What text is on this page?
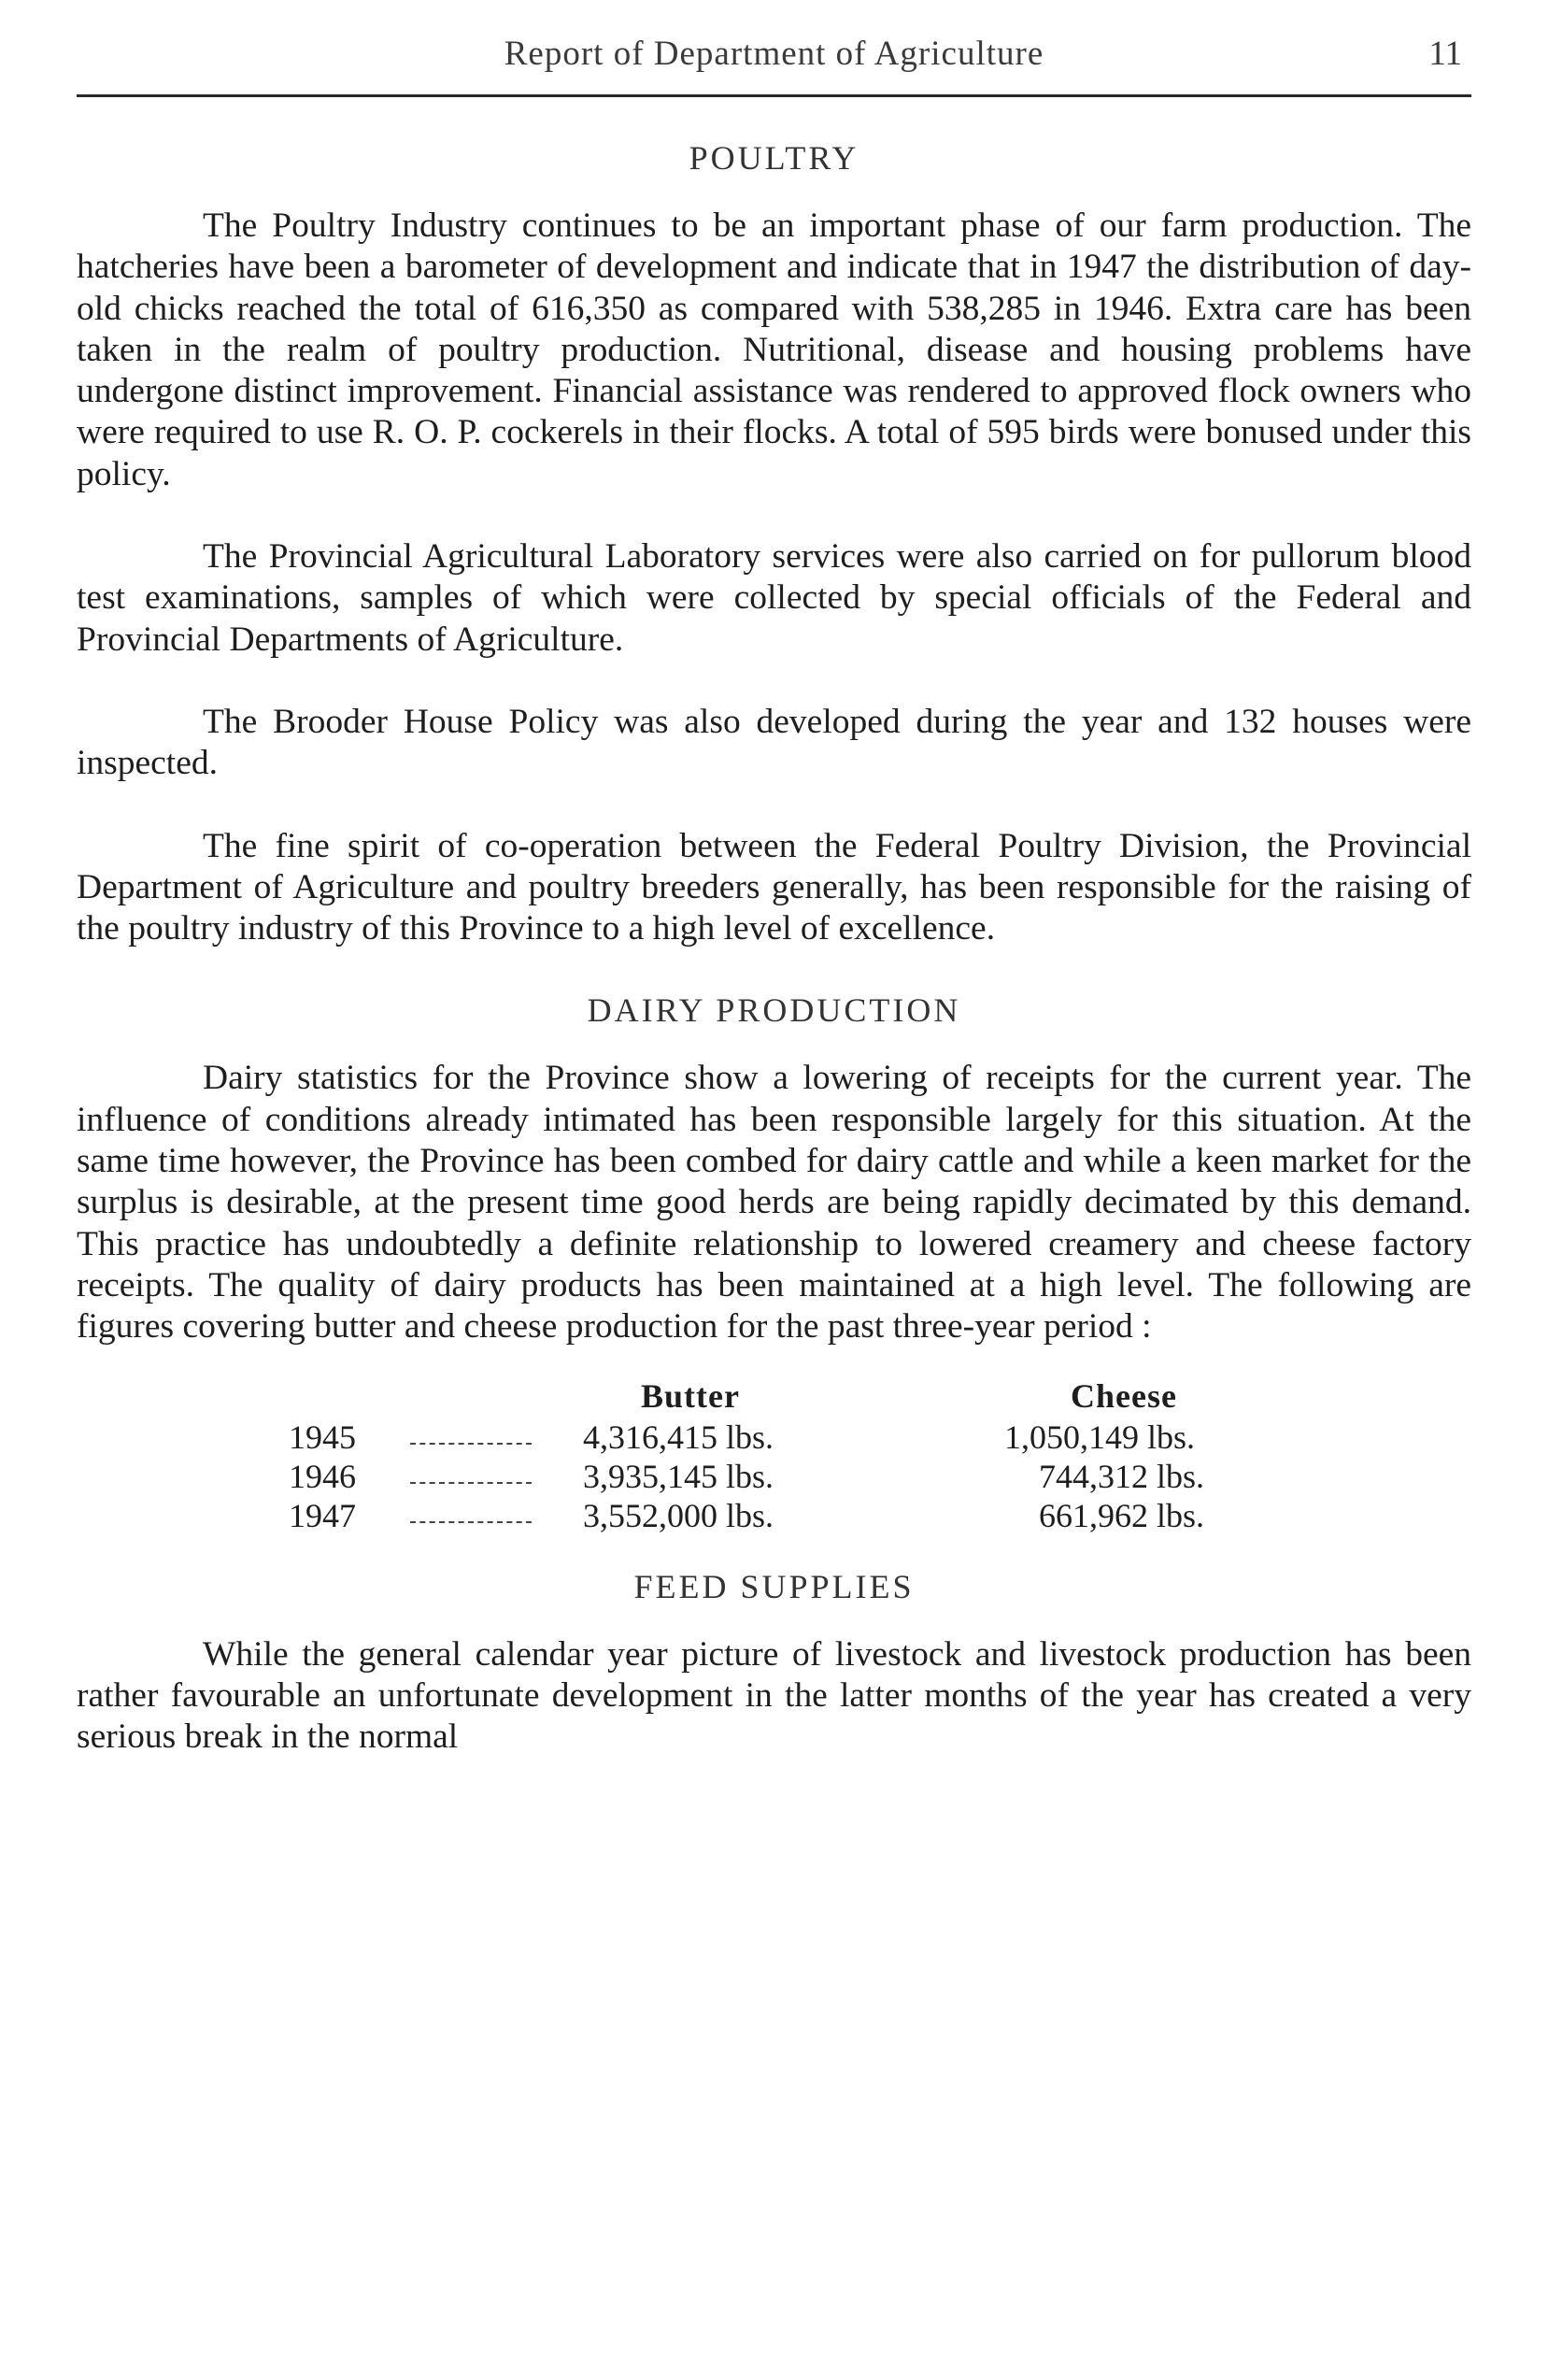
Report of Department of Agriculture	11
POULTRY

The Poultry Industry continues to be an important phase of our farm production. The hatcheries have been a barometer of development and indicate that in 1947 the distribution of day-old chicks reached the total of 616,350 as compared with 538,285 in 1946. Extra care has been taken in the realm of poultry production. Nutritional, disease and housing problems have undergone distinct improvement. Financial assistance was rendered to approved flock owners who were required to use R. O. P. cockerels in their flocks. A total of 595 birds were bonused under this policy.

The Provincial Agricultural Laboratory services were also carried on for pullorum blood test examinations, samples of which were collected by special officials of the Federal and Provincial Departments of Agriculture.

The Brooder House Policy was also developed during the year and 132 houses were inspected.

The fine spirit of co-operation between the Federal Poultry Division, the Provincial Department of Agriculture and poultry breeders generally, has been responsible for the raising of the poultry industry of this Province to a high level of excellence.

DAIRY PRODUCTION

Dairy statistics for the Province show a lowering of receipts for the current year. The influence of conditions already intimated has been responsible largely for this situation. At the same time however, the Province has been combed for dairy cattle and while a keen market for the surplus is desirable, at the present time good herds are being rapidly decimated by this demand. This practice has undoubtedly a definite relationship to lowered creamery and cheese factory receipts. The quality of dairy products has been maintained at a high level. The following are figures covering butter and cheese production for the past three-year period :

Butter	Cheese
1945	4,316,415 lbs.	1,050,149 lbs.
1946	3,935,145 lbs.	744,312 lbs.
1947	3,552,000 lbs.	661,962 lbs.
FEED SUPPLIES

While the general calendar year picture of livestock and livestock production has been rather favourable an unfortunate development in the latter months of the year has created a very serious break in the normal
